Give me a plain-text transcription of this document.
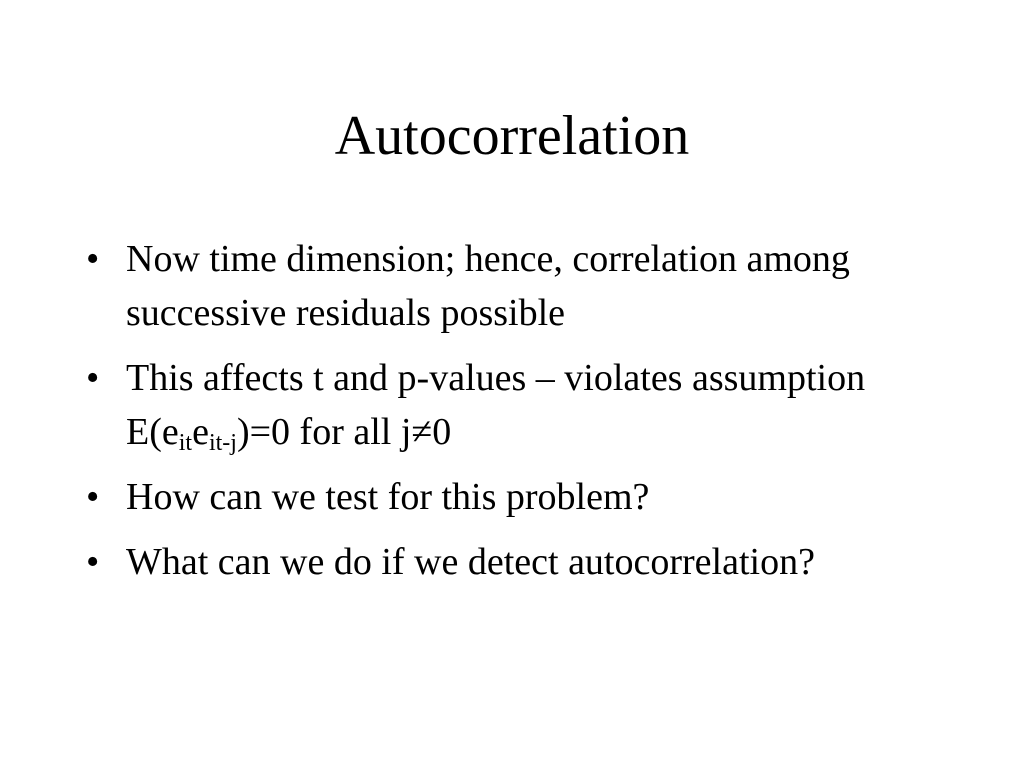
Autocorrelation
• Now time dimension; hence, correlation among successive residuals possible
• This affects t and p-values – violates assumption $E(e_{it}e_{it-j})=0$ for all j≠0
• How can we test for this problem?
• What can we do if we detect autocorrelation?
